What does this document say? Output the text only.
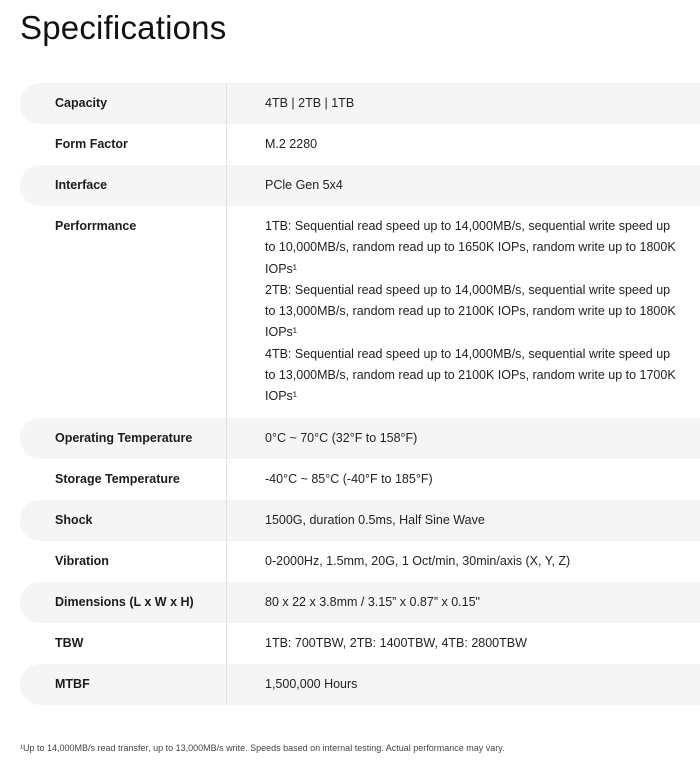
Specifications
Capacity	4TB | 2TB | 1TB
Form Factor	M.2 2280
Interface	PCle Gen 5x4
Perforrmance	1TB: Sequential read speed up to 14,000MB/s, sequential write speed up to 10,000MB/s, random read up to 1650K IOPs, random write up to 1800K IOPs¹
2TB: Sequential read speed up to 14,000MB/s, sequential write speed up to 13,000MB/s, random read up to 2100K IOPs, random write up to 1800K IOPs¹
4TB: Sequential read speed up to 14,000MB/s, sequential write speed up to 13,000MB/s, random read up to 2100K IOPs, random write up to 1700K IOPs¹
Operating Temperature	0°C ~ 70°C (32°F to 158°F)
Storage Temperature	-40°C ~ 85°C (-40°F to 185°F)
Shock	1500G, duration 0.5ms, Half Sine Wave
Vibration	0-2000Hz, 1.5mm, 20G, 1 Oct/min, 30min/axis (X, Y, Z)
Dimensions (L x W x H)	80 x 22 x 3.8mm / 3.15” x 0.87” x 0.15"
TBW	1TB: 700TBW, 2TB: 1400TBW, 4TB: 2800TBW
MTBF	1,500,000 Hours

¹Up to 14,000MB/s read transfer, up to 13,000MB/s write. Speeds based on internal testing. Actual performance may vary.
